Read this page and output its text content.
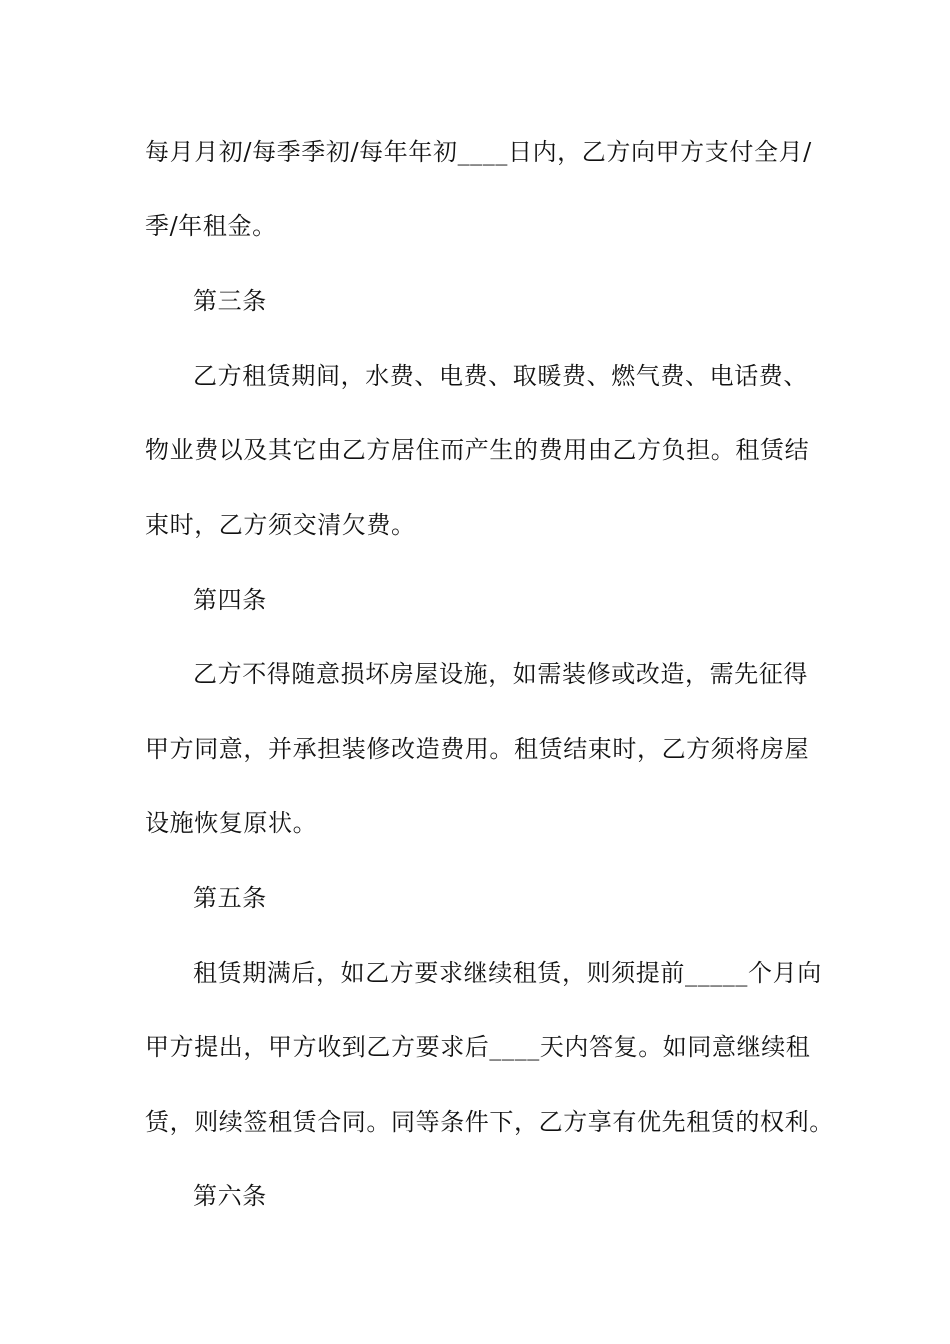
每月月初/每季季初/每年年初____日内，乙方向甲方支付全月/
季/年租金。
第三条
乙方租赁期间，水费、电费、取暖费、燃气费、电话费、
物业费以及其它由乙方居住而产生的费用由乙方负担。租赁结
束时，乙方须交清欠费。
第四条
乙方不得随意损坏房屋设施，如需装修或改造，需先征得
甲方同意，并承担装修改造费用。租赁结束时，乙方须将房屋
设施恢复原状。
第五条
租赁期满后，如乙方要求继续租赁，则须提前_____个月向
甲方提出，甲方收到乙方要求后____天内答复。如同意继续租
赁，则续签租赁合同。同等条件下，乙方享有优先租赁的权利。
第六条
